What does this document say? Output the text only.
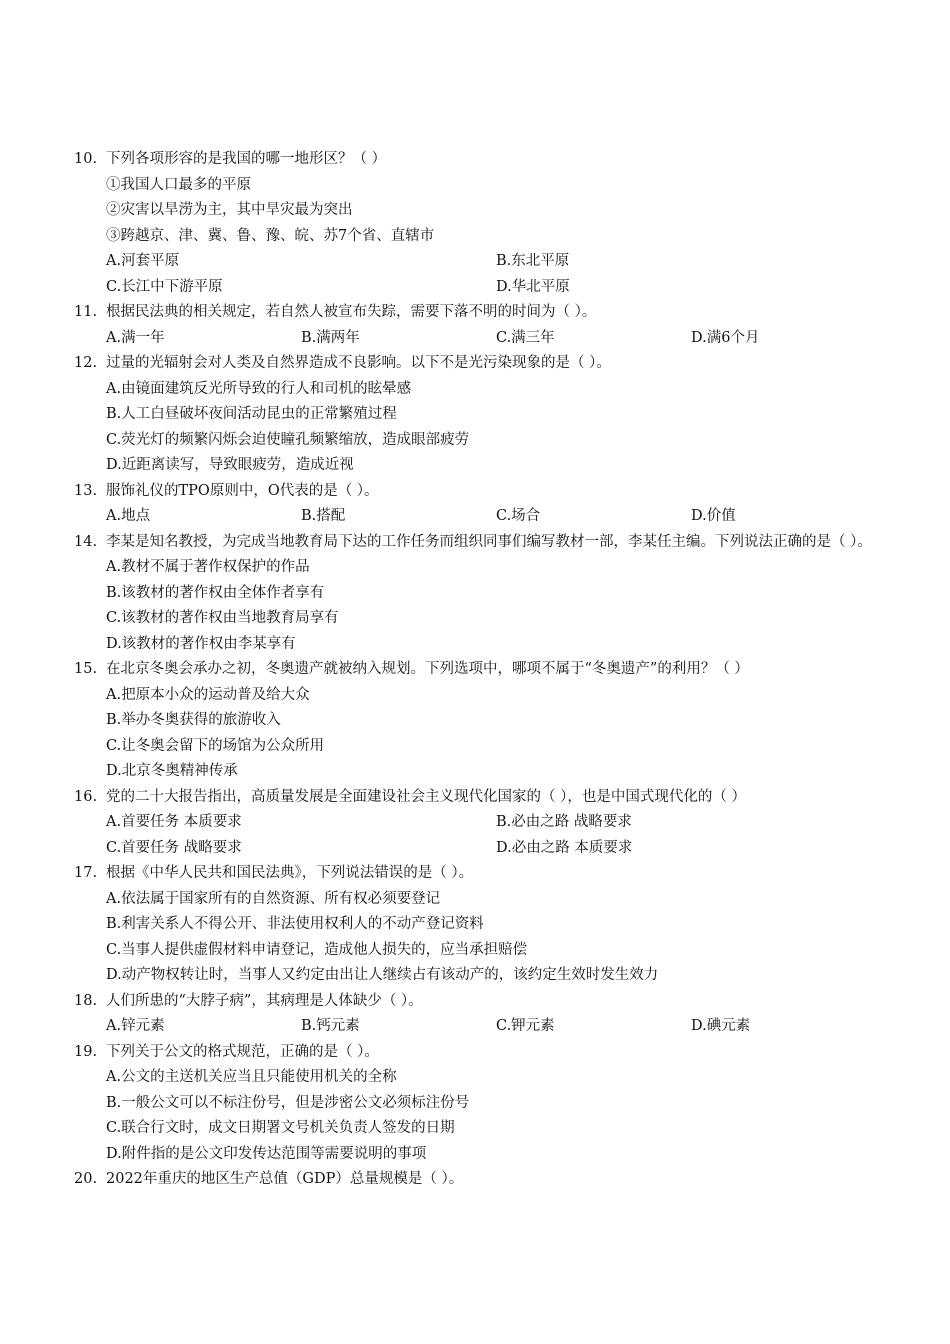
10. 下列各项形容的是我国的哪一地形区？（ ）
①我国人口最多的平原
②灾害以旱涝为主，其中旱灾最为突出
③跨越京、津、冀、鲁、豫、皖、苏7个省、直辖市
A.河套平原	B.东北平原
C.长江中下游平原	D.华北平原
11. 根据民法典的相关规定，若自然人被宣布失踪，需要下落不明的时间为（ ）。
A.满一年	B.满两年	C.满三年	D.满6个月
12. 过量的光辐射会对人类及自然界造成不良影响。以下不是光污染现象的是（ ）。
A.由镜面建筑反光所导致的行人和司机的眩晕感
B.人工白昼破坏夜间活动昆虫的正常繁殖过程
C.荧光灯的频繁闪烁会迫使瞳孔频繁缩放，造成眼部疲劳
D.近距离读写，导致眼疲劳，造成近视
13. 服饰礼仪的TPO原则中，O代表的是（ ）。
A.地点	B.搭配	C.场合	D.价值
14. 李某是知名教授，为完成当地教育局下达的工作任务而组织同事们编写教材一部，李某任主编。下列说法正确的是（ ）。
A.教材不属于著作权保护的作品
B.该教材的著作权由全体作者享有
C.该教材的著作权由当地教育局享有
D.该教材的著作权由李某享有
15. 在北京冬奥会承办之初，冬奥遗产就被纳入规划。下列选项中，哪项不属于“冬奥遗产”的利用？（ ）
A.把原本小众的运动普及给大众
B.举办冬奥获得的旅游收入
C.让冬奥会留下的场馆为公众所用
D.北京冬奥精神传承
16. 党的二十大报告指出，高质量发展是全面建设社会主义现代化国家的（ ），也是中国式现代化的（ ）
A.首要任务 本质要求	B.必由之路 战略要求
C.首要任务 战略要求	D.必由之路 本质要求
17. 根据《中华人民共和国民法典》，下列说法错误的是（ ）。
A.依法属于国家所有的自然资源、所有权必须要登记
B.利害关系人不得公开、非法使用权利人的不动产登记资料
C.当事人提供虚假材料申请登记，造成他人损失的，应当承担赔偿
D.动产物权转让时，当事人又约定由出让人继续占有该动产的，该约定生效时发生效力
18. 人们所患的“大脖子病”，其病理是人体缺少（ ）。
A.锌元素	B.钙元素	C.钾元素	D.碘元素
19. 下列关于公文的格式规范，正确的是（ ）。
A.公文的主送机关应当且只能使用机关的全称
B.一般公文可以不标注份号，但是涉密公文必须标注份号
C.联合行文时，成文日期署文号机关负责人签发的日期
D.附件指的是公文印发传达范围等需要说明的事项
20. 2022年重庆的地区生产总值（GDP）总量规模是（ ）。
